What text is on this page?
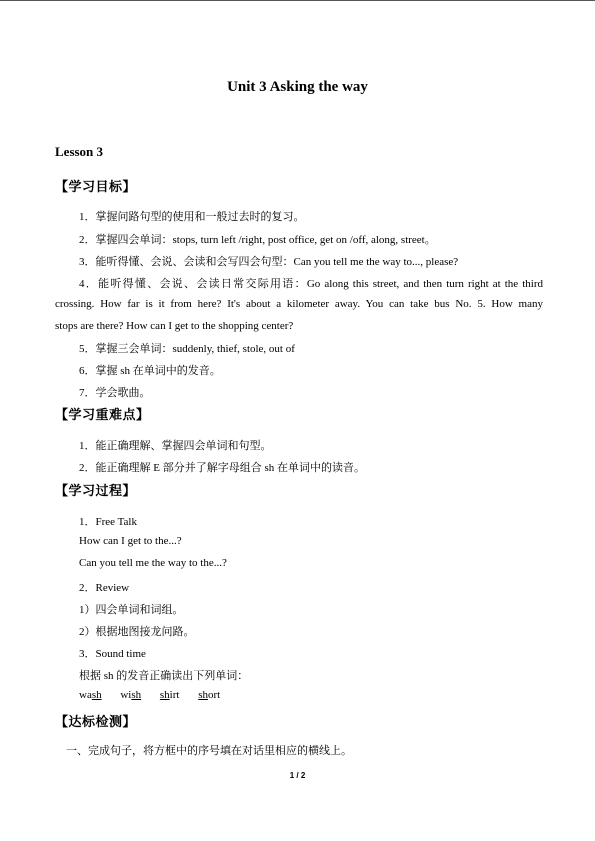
Unit 3 Asking the way
Lesson 3
【学习目标】
1．掌握问路句型的使用和一般过去时的复习。
2．掌握四会单词：stops, turn left /right, post office, get on /off, along, street。
3．能听得懂、会说、会读和会写四会句型：Can you tell me the way to..., please?
4．能听得懂、会说、会读日常交际用语：Go along this street, and then turn right at the third
crossing. How far is it from here? It's about a kilometer away. You can take bus No. 5. How many
stops are there? How can I get to the shopping center?
5．掌握三会单词：suddenly, thief, stole, out of
6．掌握 sh 在单词中的发音。
7．学会歌曲。
【学习重难点】
1．能正确理解、掌握四会单词和句型。
2．能正确理解 E 部分并了解字母组合 sh 在单词中的读音。
【学习过程】
1．Free Talk
How can I get to the...?
Can you tell me the way to the...?
2．Review
1）四会单词和词组。
2）根据地图接龙问路。
3．Sound time
根据 sh 的发音正确读出下列单词：
wash wish shirt short
【达标检测】
一、完成句子，将方框中的序号填在对话里相应的横线上。
1 / 2
